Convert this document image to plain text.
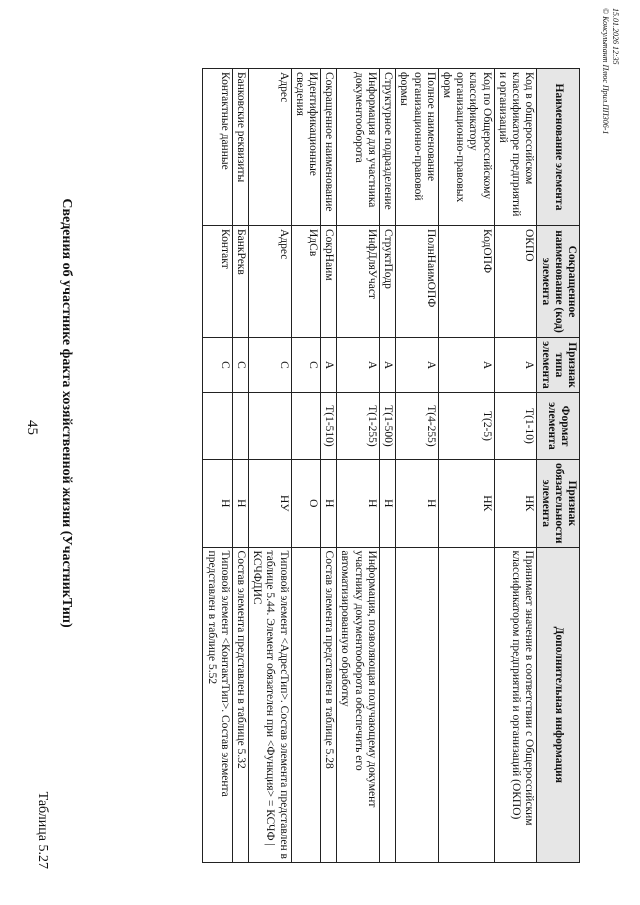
45
Таблица 5.27
Сведения об участнике факта хозяйственной жизни (УчастникТип)
Наименование элемента	Сокращенное наименование (код) элемента	Признак типа элемента	Формат элемента	Признак обязательности элемента	Дополнительная информация
Код в общероссийском классификаторе предприятий и организаций	ОКПО	А	T(1-10)	НК	Принимает значение в соответствии с Общероссийским классификатором предприятий и организаций (ОКПО)
Код по Общероссийскому классификатору организационно-правовых форм	КодОПФ	А	T(2-5)	НК	
Полное наименование организационно-правовой формы	ПолнНаимОПФ	А	T(4-255)	Н	
Структурное подразделение	СтруктПодр	А	T(1-500)	Н	
Информация для участника документооборота	ИнфДляУчаст	А	T(1-255)	Н	Информация, позволяющая получающему документ участнику документооборота обеспечить его автоматизированную обработку
Сокращенное наименование	СокрНаим	А	T(1-510)	Н	Состав элемента представлен в таблице 5.28
Идентификационные сведения	ИдСв	С		О	
Адрес	Адрес	С		НУ	Типовой элемент <АдресТип>. Состав элемента представлен в таблице 5.44. Элемент обязателен при <Функция> = КСЧФ | КСЧФДИС
Банковские реквизиты	БанкРекв	С		Н	Состав элемента представлен в таблице 5.32
Контактные данные	Контакт	С		Н	Типовой элемент <КонтактТип>. Состав элемента представлен в таблице 5.52
15.01.2026 12:35
© Консультант Плюс Прил.ПП306-1
